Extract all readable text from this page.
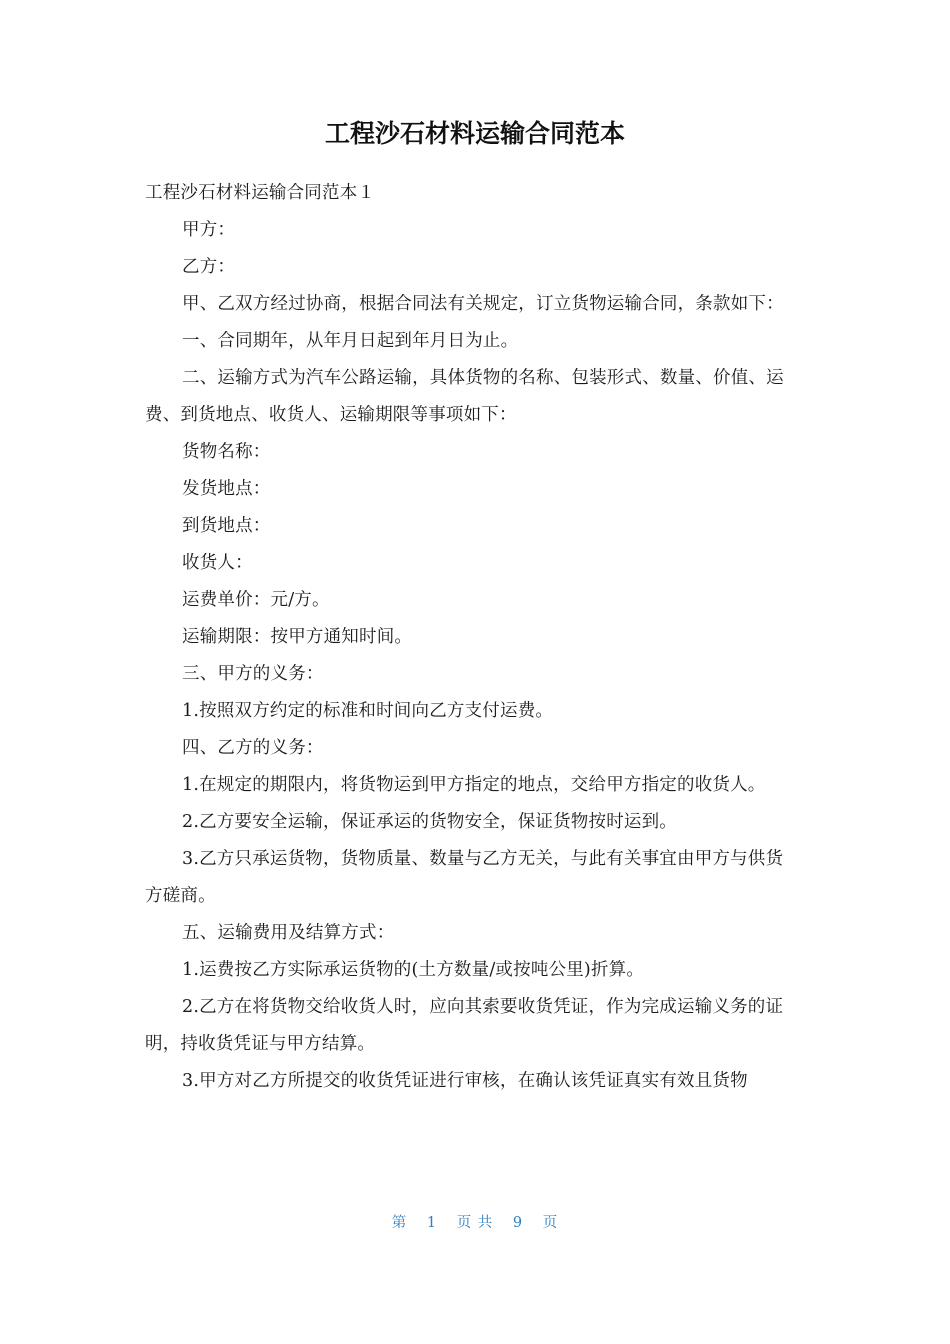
工程沙石材料运输合同范本

工程沙石材料运输合同范本１

甲方：

乙方：

甲、乙双方经过协商，根据合同法有关规定，订立货物运输合同，条款如下：

一、合同期年，从年月日起到年月日为止。

二、运输方式为汽车公路运输，具体货物的名称、包装形式、数量、价值、运费、到货地点、收货人、运输期限等事项如下：

货物名称：

发货地点：

到货地点：

收货人：

运费单价：元/方。

运输期限：按甲方通知时间。

三、甲方的义务：

1.按照双方约定的标准和时间向乙方支付运费。

四、乙方的义务：

1.在规定的期限内，将货物运到甲方指定的地点，交给甲方指定的收货人。

2.乙方要安全运输，保证承运的货物安全，保证货物按时运到。

3.乙方只承运货物，货物质量、数量与乙方无关，与此有关事宜由甲方与供货方磋商。

五、运输费用及结算方式：

1.运费按乙方实际承运货物的(土方数量/或按吨公里)折算。

2.乙方在将货物交给收货人时，应向其索要收货凭证，作为完成运输义务的证明，持收货凭证与甲方结算。

3.甲方对乙方所提交的收货凭证进行审核，在确认该凭证真实有效且货物

第 1 页 共 9 页
